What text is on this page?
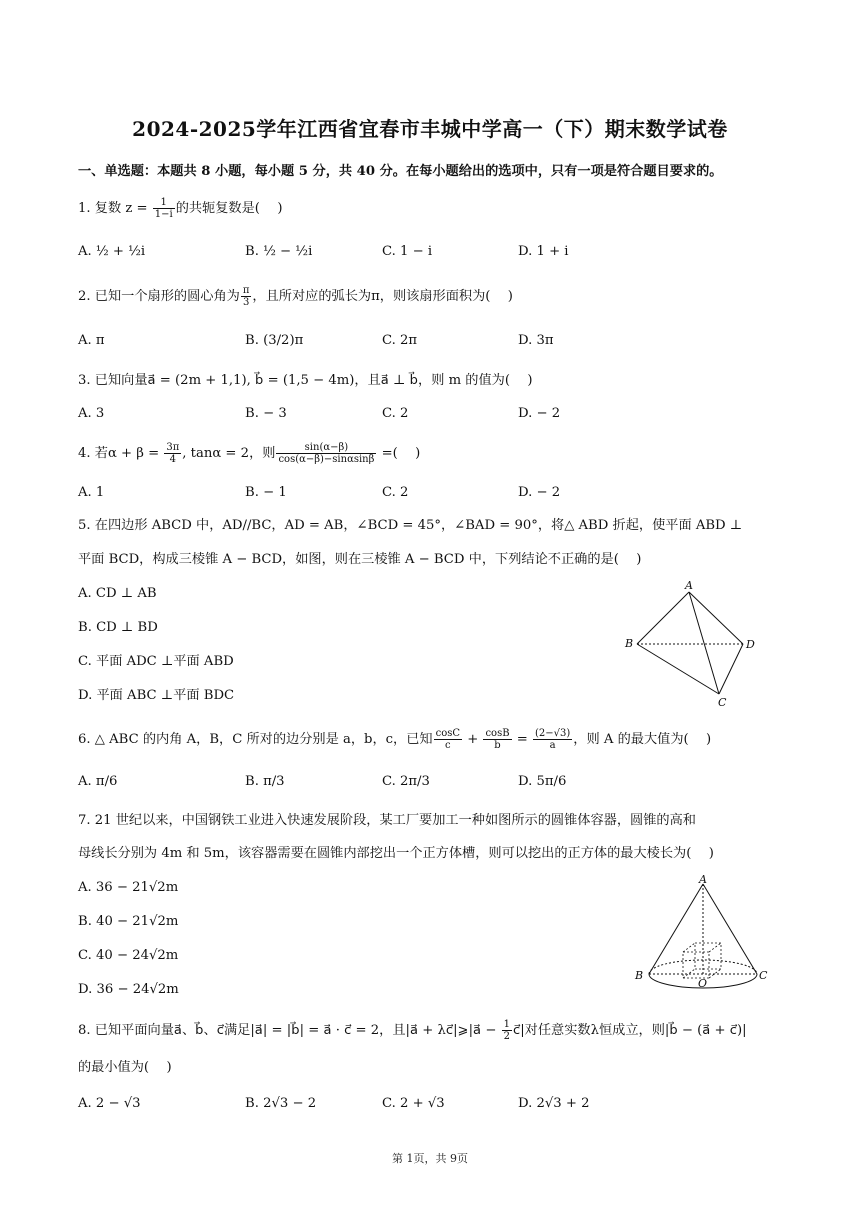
2024-2025学年江西省宜春市丰城中学高一（下）期末数学试卷
一、单选题：本题共 8 小题，每小题 5 分，共 40 分。在每小题给出的选项中，只有一项是符合题目要求的。
1. 复数 $z = \frac{1}{1-i}$ 的共轭复数是(　 )
A. ½ + ½i	B. ½ − ½i	C. 1 − i	D. 1 + i
2. 已知一个扇形的圆心角为 $\frac{\pi}{3}$ ，且所对应的弧长为π，则该扇形面积为(　 )
A. π	B. (3/2)π	C. 2π	D. 3π
3. 已知向量a⃗ = (2m + 1,1), b⃗ = (1,5 − 4m)，且a⃗ ⊥ b⃗，则 m 的值为(　 )
A. 3	B. − 3	C. 2	D. − 2
4. 若$\alpha + \beta = \frac{3\pi}{4}$ , tanα = 2，则 $\frac{\sin(\alpha-\beta)}{\cos(\alpha-\beta)-\sin\alpha\sin\beta}$ =(　 )
A. 1	B. − 1	C. 2	D. − 2
5. 在四边形 ABCD 中，AD//BC，AD = AB，∠BCD = 45°，∠BAD = 90°，将△ ABD 折起，使平面 ABD ⊥
平面 BCD，构成三棱锥 A − BCD，如图，则在三棱锥 A − BCD 中，下列结论不正确的是(　 )
A. CD ⊥ AB
B. CD ⊥ BD
C. 平面 ADC ⊥平面 ABD
D. 平面 ABC ⊥平面 BDC
A
B	D
C
6. △ ABC 的内角 A，B，C 所对的边分别是 a，b，c，已知 $\frac{\cos C}{c} + \frac{\cos B}{b} = \frac{(2-√3)}{a}$ ，则 A 的最大值为(　 )
A. π/6	B. π/3	C. 2π/3	D. 5π/6
7. 21 世纪以来，中国钢铁工业进入快速发展阶段，某工厂要加工一种如图所示的圆锥体容器，圆锥的高和
母线长分别为 4m 和 5m，该容器需要在圆锥内部挖出一个正方体槽，则可以挖出的正方体的最大棱长为(　 )
A. 36 − 21√2m
B. 40 − 21√2m
C. 40 − 24√2m
D. 36 − 24√2m
A
B	C
O
8. 已知平面向量a⃗、b⃗、c⃗满足|a⃗| = |b⃗| = a⃗ · c⃗ = 2，且|a⃗ + λc⃗|⩾|a⃗ − $\frac{1}{2}$ c⃗|对任意实数λ恒成立，则|b⃗ − (a⃗ + c⃗)|
的最小值为(　 )
A. 2 − √3	B. 2√3 − 2	C. 2 + √3	D. 2√3 + 2
第 1页，共 9页
